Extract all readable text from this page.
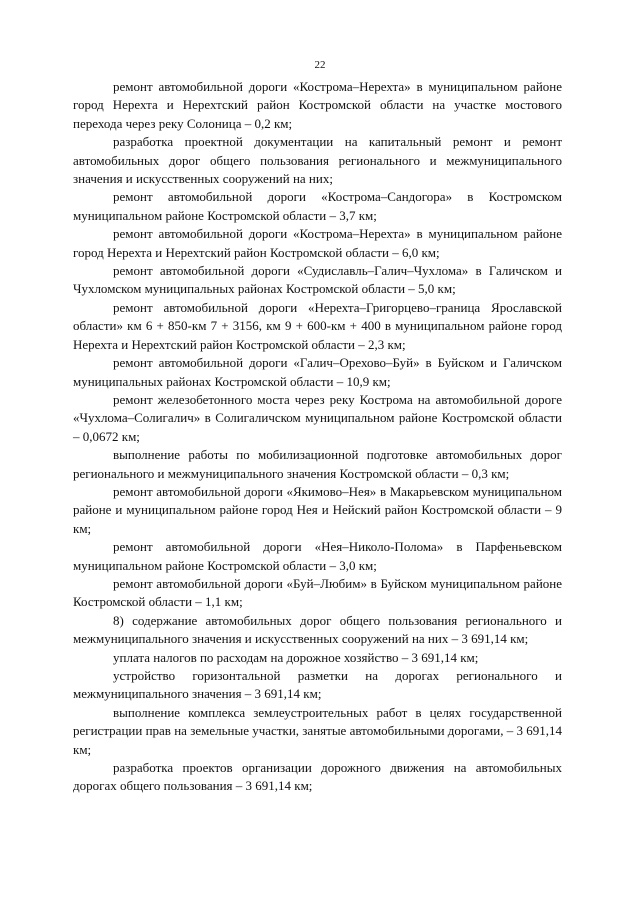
22

ремонт автомобильной дороги «Кострома–Нерехта» в муниципальном районе город Нерехта и Нерехтский район Костромской области на участке мостового перехода через реку Солоница – 0,2 км;

разработка проектной документации на капитальный ремонт и ремонт автомобильных дорог общего пользования регионального и межмуниципального значения и искусственных сооружений на них;

ремонт автомобильной дороги «Кострома–Сандогора» в Костромском муниципальном районе Костромской области – 3,7 км;

ремонт автомобильной дороги «Кострома–Нерехта» в муниципальном районе город Нерехта и Нерехтский район Костромской области – 6,0 км;

ремонт автомобильной дороги «Судиславль–Галич–Чухлома» в Галичском и Чухломском муниципальных районах Костромской области – 5,0 км;

ремонт автомобильной дороги «Нерехта–Григорцево–граница Ярославской области» км 6 + 850-км 7 + 3156, км 9 + 600-км + 400 в муниципальном районе город Нерехта и Нерехтский район Костромской области – 2,3 км;

ремонт автомобильной дороги «Галич–Орехово–Буй» в Буйском и Галичском муниципальных районах Костромской области – 10,9 км;

ремонт железобетонного моста через реку Кострома на автомобильной дороге «Чухлома–Солигалич» в Солигаличском муниципальном районе Костромской области – 0,0672 км;

выполнение работы по мобилизационной подготовке автомобильных дорог регионального и межмуниципального значения Костромской области – 0,3 км;

ремонт автомобильной дороги «Якимово–Нея» в Макарьевском муниципальном районе и муниципальном районе город Нея и Нейский район Костромской области – 9 км;

ремонт автомобильной дороги «Нея–Николо-Полома» в Парфеньевском муниципальном районе Костромской области – 3,0 км;

ремонт автомобильной дороги «Буй–Любим» в Буйском муниципальном районе Костромской области – 1,1 км;

8) содержание автомобильных дорог общего пользования регионального и межмуниципального значения и искусственных сооружений на них – 3 691,14 км;

уплата налогов по расходам на дорожное хозяйство – 3 691,14 км;

устройство горизонтальной разметки на дорогах регионального и межмуниципального значения – 3 691,14 км;

выполнение комплекса землеустроительных работ в целях государственной регистрации прав на земельные участки, занятые автомобильными дорогами, – 3 691,14 км;

разработка проектов организации дорожного движения на автомобильных дорогах общего пользования – 3 691,14 км;
